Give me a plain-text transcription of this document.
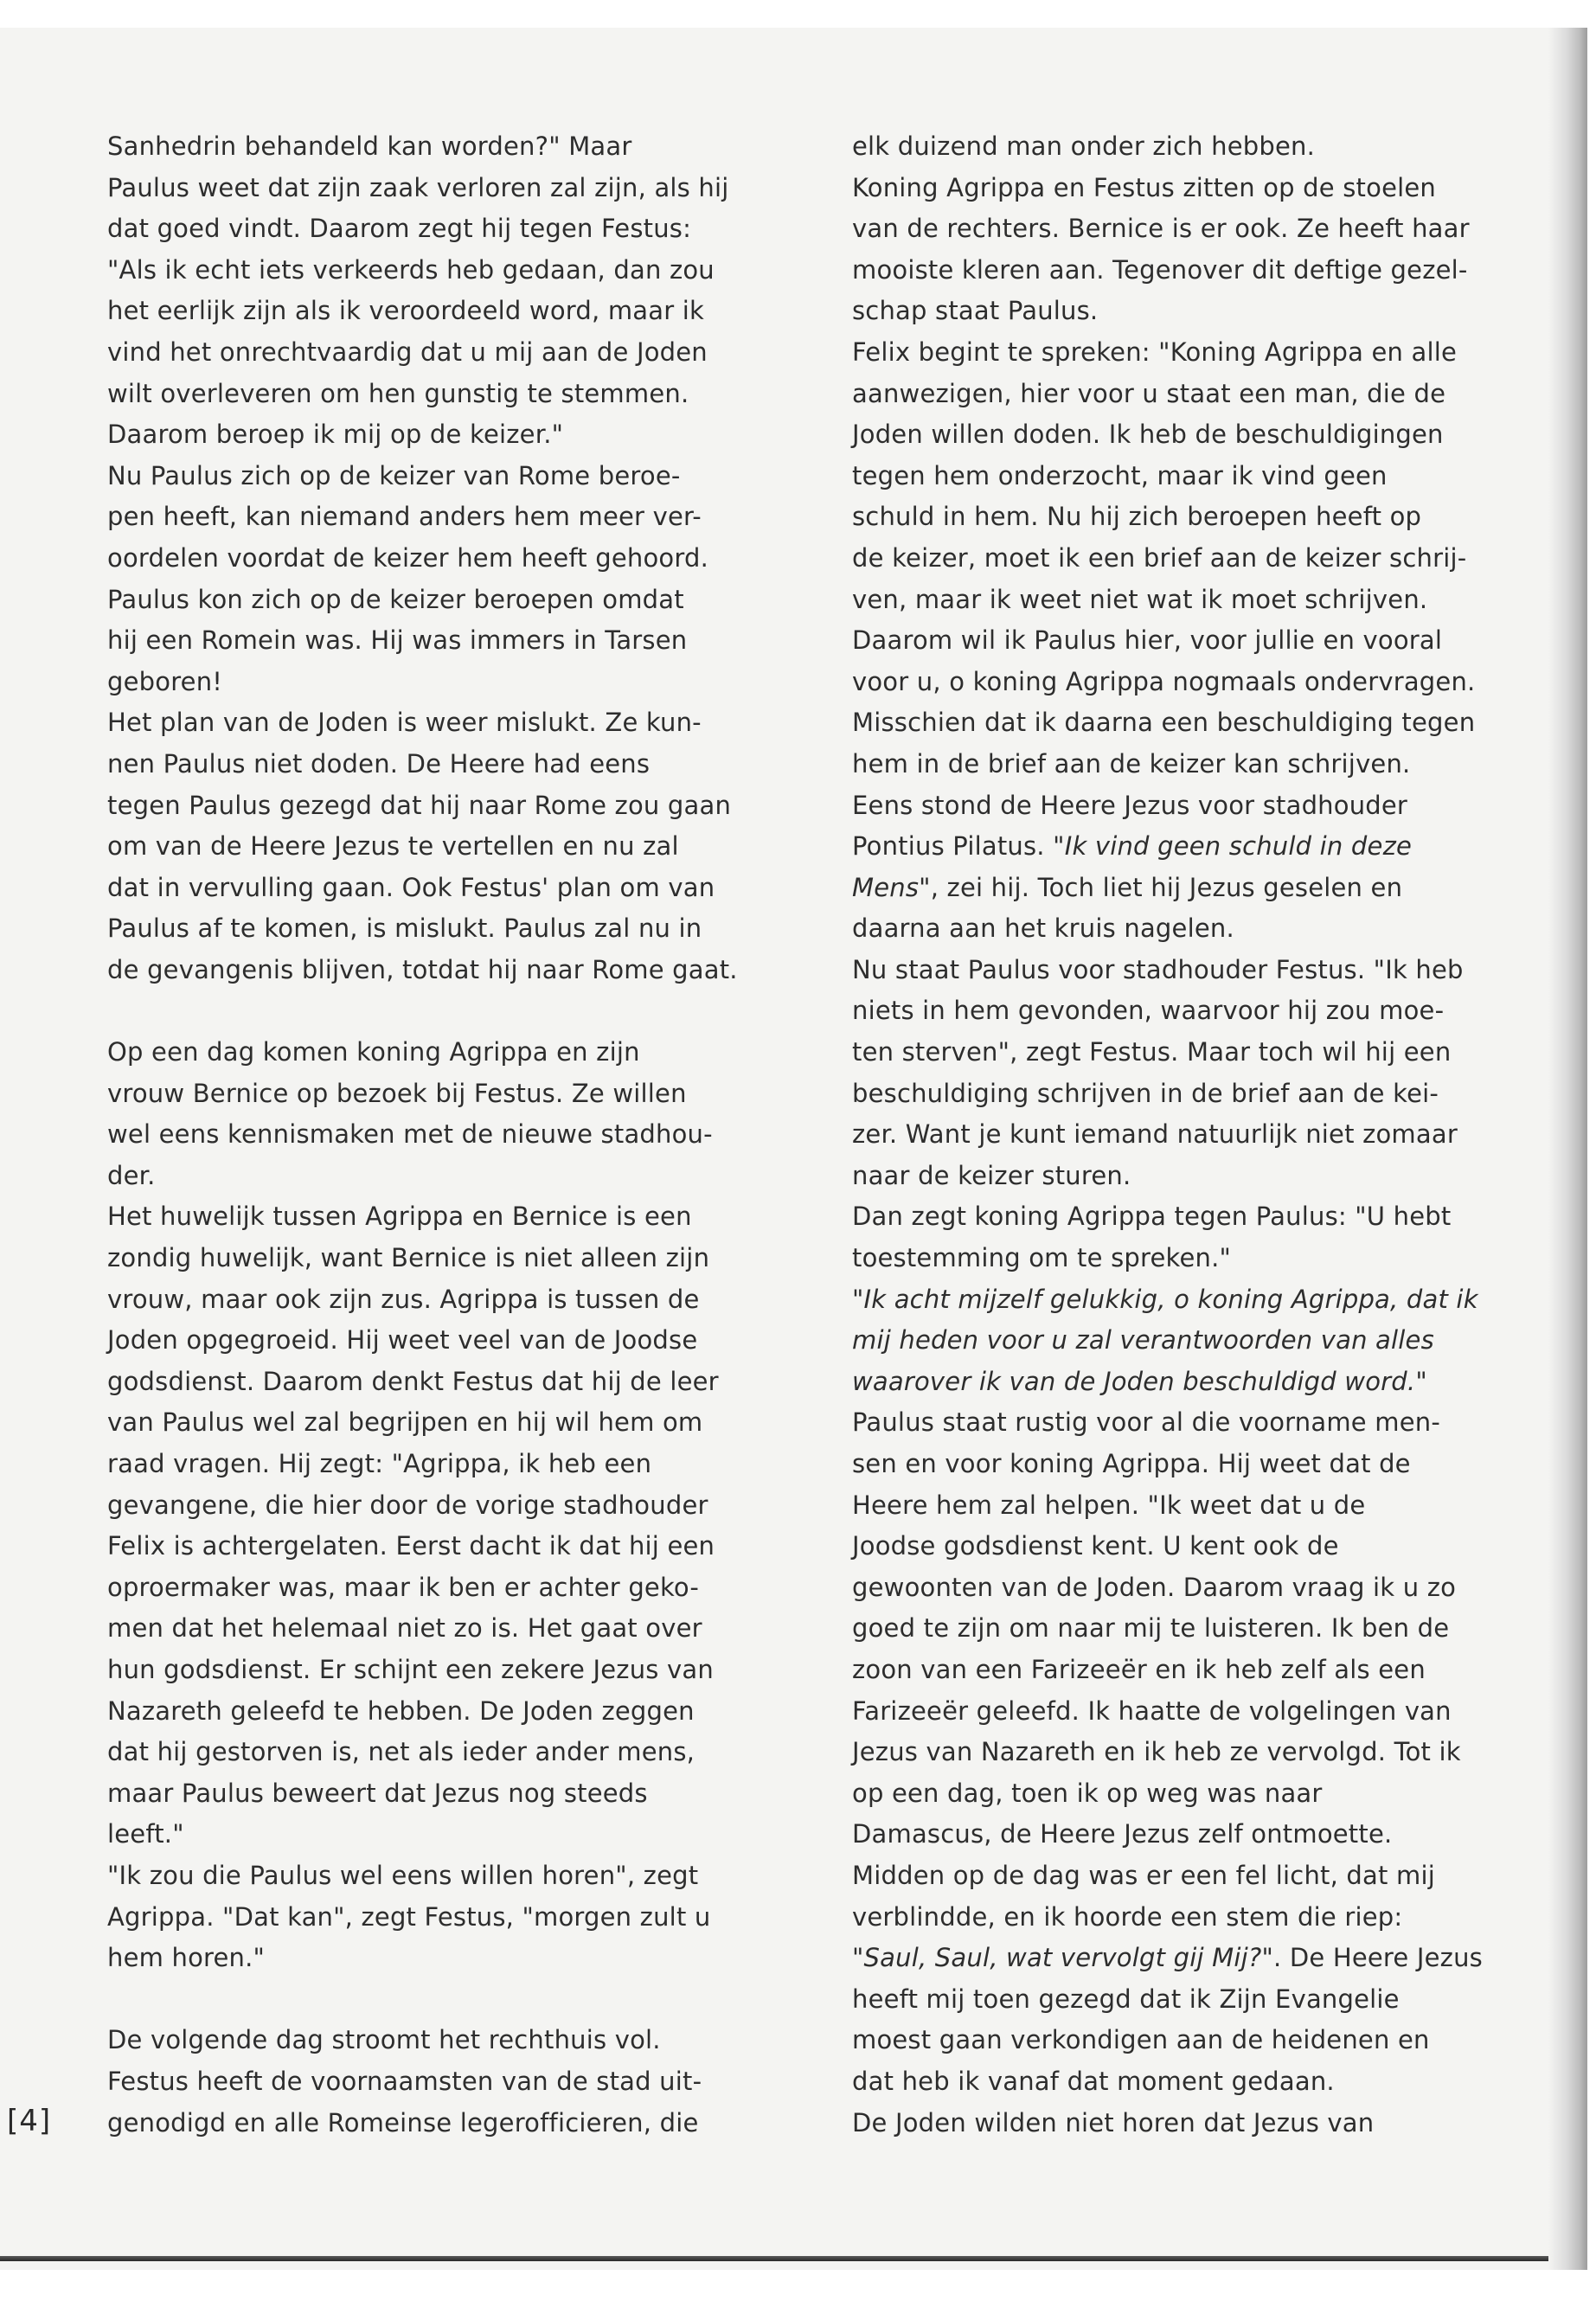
Sanhedrin behandeld kan worden?" Maar
Paulus weet dat zijn zaak verloren zal zijn, als hij
dat goed vindt. Daarom zegt hij tegen Festus:
"Als ik echt iets verkeerds heb gedaan, dan zou
het eerlijk zijn als ik veroordeeld word, maar ik
vind het onrechtvaardig dat u mij aan de Joden
wilt overleveren om hen gunstig te stemmen.
Daarom beroep ik mij op de keizer."
Nu Paulus zich op de keizer van Rome beroe-
pen heeft, kan niemand anders hem meer ver-
oordelen voordat de keizer hem heeft gehoord.
Paulus kon zich op de keizer beroepen omdat
hij een Romein was. Hij was immers in Tarsen
geboren!
Het plan van de Joden is weer mislukt. Ze kun-
nen Paulus niet doden. De Heere had eens
tegen Paulus gezegd dat hij naar Rome zou gaan
om van de Heere Jezus te vertellen en nu zal
dat in vervulling gaan. Ook Festus' plan om van
Paulus af te komen, is mislukt. Paulus zal nu in
de gevangenis blijven, totdat hij naar Rome gaat.
Op een dag komen koning Agrippa en zijn
vrouw Bernice op bezoek bij Festus. Ze willen
wel eens kennismaken met de nieuwe stadhou-
der.
Het huwelijk tussen Agrippa en Bernice is een
zondig huwelijk, want Bernice is niet alleen zijn
vrouw, maar ook zijn zus. Agrippa is tussen de
Joden opgegroeid. Hij weet veel van de Joodse
godsdienst. Daarom denkt Festus dat hij de leer
van Paulus wel zal begrijpen en hij wil hem om
raad vragen. Hij zegt: "Agrippa, ik heb een
gevangene, die hier door de vorige stadhouder
Felix is achtergelaten. Eerst dacht ik dat hij een
oproermaker was, maar ik ben er achter geko-
men dat het helemaal niet zo is. Het gaat over
hun godsdienst. Er schijnt een zekere Jezus van
Nazareth geleefd te hebben. De Joden zeggen
dat hij gestorven is, net als ieder ander mens,
maar Paulus beweert dat Jezus nog steeds
leeft."
"Ik zou die Paulus wel eens willen horen", zegt
Agrippa. "Dat kan", zegt Festus, "morgen zult u
hem horen."
De volgende dag stroomt het rechthuis vol.
Festus heeft de voornaamsten van de stad uit-
genodigd en alle Romeinse legerofficieren, die
elk duizend man onder zich hebben.
Koning Agrippa en Festus zitten op de stoelen
van de rechters. Bernice is er ook. Ze heeft haar
mooiste kleren aan. Tegenover dit deftige gezel-
schap staat Paulus.
Felix begint te spreken: "Koning Agrippa en alle
aanwezigen, hier voor u staat een man, die de
Joden willen doden. Ik heb de beschuldigingen
tegen hem onderzocht, maar ik vind geen
schuld in hem. Nu hij zich beroepen heeft op
de keizer, moet ik een brief aan de keizer schrij-
ven, maar ik weet niet wat ik moet schrijven.
Daarom wil ik Paulus hier, voor jullie en vooral
voor u, o koning Agrippa nogmaals ondervragen.
Misschien dat ik daarna een beschuldiging tegen
hem in de brief aan de keizer kan schrijven.
Eens stond de Heere Jezus voor stadhouder
Pontius Pilatus. "Ik vind geen schuld in deze
Mens", zei hij. Toch liet hij Jezus geselen en
daarna aan het kruis nagelen.
Nu staat Paulus voor stadhouder Festus. "Ik heb
niets in hem gevonden, waarvoor hij zou moe-
ten sterven", zegt Festus. Maar toch wil hij een
beschuldiging schrijven in de brief aan de kei-
zer. Want je kunt iemand natuurlijk niet zomaar
naar de keizer sturen.
Dan zegt koning Agrippa tegen Paulus: "U hebt
toestemming om te spreken."
"Ik acht mijzelf gelukkig, o koning Agrippa, dat ik
mij heden voor u zal verantwoorden van alles
waarover ik van de Joden beschuldigd word."
Paulus staat rustig voor al die voorname men-
sen en voor koning Agrippa. Hij weet dat de
Heere hem zal helpen. "Ik weet dat u de
Joodse godsdienst kent. U kent ook de
gewoonten van de Joden. Daarom vraag ik u zo
goed te zijn om naar mij te luisteren. Ik ben de
zoon van een Farizeeër en ik heb zelf als een
Farizeeër geleefd. Ik haatte de volgelingen van
Jezus van Nazareth en ik heb ze vervolgd. Tot ik
op een dag, toen ik op weg was naar
Damascus, de Heere Jezus zelf ontmoette.
Midden op de dag was er een fel licht, dat mij
verblindde, en ik hoorde een stem die riep:
"Saul, Saul, wat vervolgt gij Mij?". De Heere Jezus
heeft mij toen gezegd dat ik Zijn Evangelie
moest gaan verkondigen aan de heidenen en
dat heb ik vanaf dat moment gedaan.
De Joden wilden niet horen dat Jezus van
[4]
